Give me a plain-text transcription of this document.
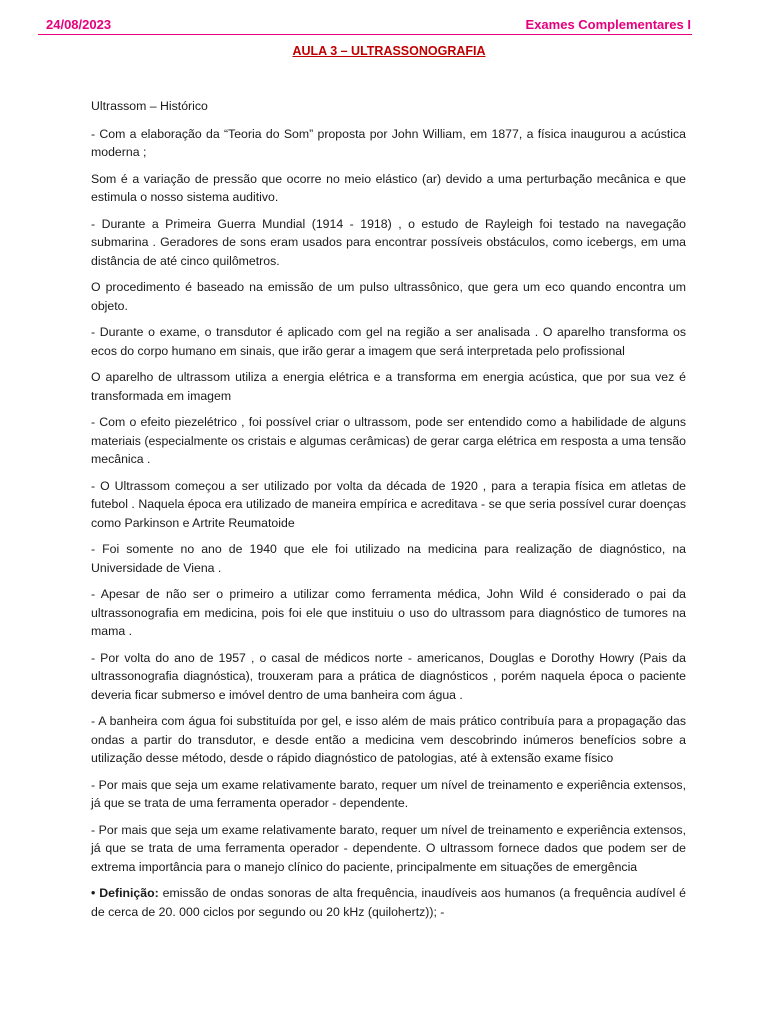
24/08/2023	Exames Complementares I
AULA 3 – ULTRASSONOGRAFIA
Ultrassom – Histórico

- Com a elaboração da “Teoria do Som” proposta por John William, em 1877, a física inaugurou a acústica moderna ;

Som é a variação de pressão que ocorre no meio elástico (ar) devido a uma perturbação mecânica e que estimula o nosso sistema auditivo.

- Durante a Primeira Guerra Mundial (1914 - 1918) , o estudo de Rayleigh foi testado na navegação submarina . Geradores de sons eram usados para encontrar possíveis obstáculos, como icebergs, em uma distância de até cinco quilômetros.

O procedimento é baseado na emissão de um pulso ultrassônico, que gera um eco quando encontra um objeto.

- Durante o exame, o transdutor é aplicado com gel na região a ser analisada . O aparelho transforma os ecos do corpo humano em sinais, que irão gerar a imagem que será interpretada pelo profissional

O aparelho de ultrassom utiliza a energia elétrica e a transforma em energia acústica, que por sua vez é transformada em imagem

- Com o efeito piezelétrico , foi possível criar o ultrassom, pode ser entendido como a habilidade de alguns materiais (especialmente os cristais e algumas cerâmicas) de gerar carga elétrica em resposta a uma tensão mecânica .

- O Ultrassom começou a ser utilizado por volta da década de 1920 , para a terapia física em atletas de futebol . Naquela época era utilizado de maneira empírica e acreditava - se que seria possível curar doenças como Parkinson e Artrite Reumatoide

- Foi somente no ano de 1940 que ele foi utilizado na medicina para realização de diagnóstico, na Universidade de Viena .

- Apesar de não ser o primeiro a utilizar como ferramenta médica, John Wild é considerado o pai da ultrassonografia em medicina, pois foi ele que instituiu o uso do ultrassom para diagnóstico de tumores na mama .

- Por volta do ano de 1957 , o casal de médicos norte - americanos, Douglas e Dorothy Howry (Pais da ultrassonografia diagnóstica), trouxeram para a prática de diagnósticos , porém naquela época o paciente deveria ficar submerso e imóvel dentro de uma banheira com água .

- A banheira com água foi substituída por gel, e isso além de mais prático contribuía para a propagação das ondas a partir do transdutor, e desde então a medicina vem descobrindo inúmeros benefícios sobre a utilização desse método, desde o rápido diagnóstico de patologias, até à extensão exame físico

- Por mais que seja um exame relativamente barato, requer um nível de treinamento e experiência extensos, já que se trata de uma ferramenta operador - dependente.

- Por mais que seja um exame relativamente barato, requer um nível de treinamento e experiência extensos, já que se trata de uma ferramenta operador - dependente. O ultrassom fornece dados que podem ser de extrema importância para o manejo clínico do paciente, principalmente em situações de emergência

• Definição: emissão de ondas sonoras de alta frequência, inaudíveis aos humanos (a frequência audível é de cerca de 20. 000 ciclos por segundo ou 20 kHz (quilohertz)); -
